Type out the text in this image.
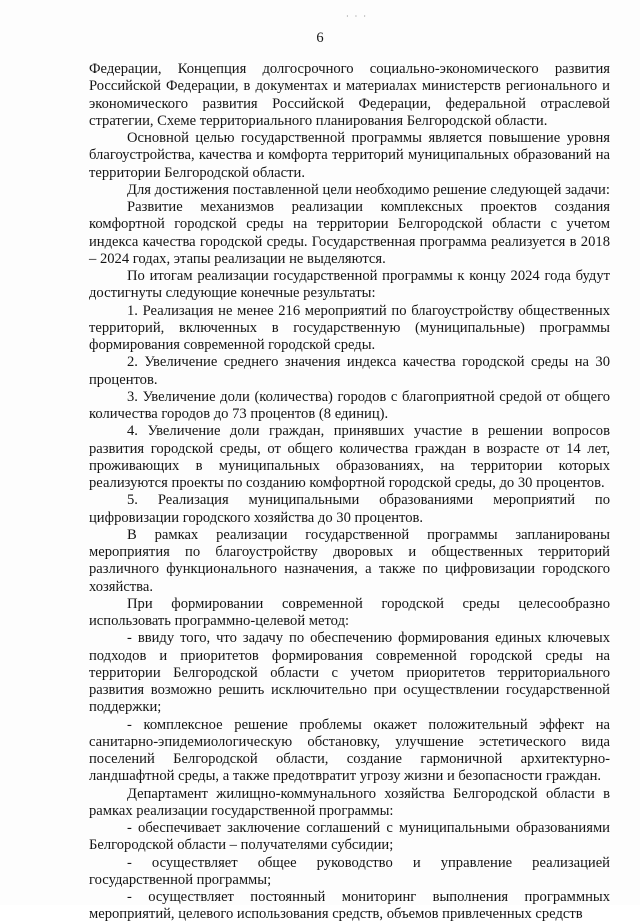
· · ·
6

Федерации, Концепция долгосрочного социально-экономического развития Российской Федерации, в документах и материалах министерств регионального и экономического развития Российской Федерации, федеральной отраслевой стратегии, Схеме территориального планирования Белгородской области.

Основной целью государственной программы является повышение уровня благоустройства, качества и комфорта территорий муниципальных образований на территории Белгородской области.

Для достижения поставленной цели необходимо решение следующей задачи:

Развитие механизмов реализации комплексных проектов создания комфортной городской среды на территории Белгородской области с учетом индекса качества городской среды. Государственная программа реализуется в 2018 – 2024 годах, этапы реализации не выделяются.

По итогам реализации государственной программы к концу 2024 года будут достигнуты следующие конечные результаты:

1. Реализация не менее 216 мероприятий по благоустройству общественных территорий, включенных в государственную (муниципальные) программы формирования современной городской среды.

2. Увеличение среднего значения индекса качества городской среды на 30 процентов.

3. Увеличение доли (количества) городов с благоприятной средой от общего количества городов до 73 процентов (8 единиц).

4. Увеличение доли граждан, принявших участие в решении вопросов развития городской среды, от общего количества граждан в возрасте от 14 лет, проживающих в муниципальных образованиях, на территории которых реализуются проекты по созданию комфортной городской среды, до 30 процентов.

5. Реализация муниципальными образованиями мероприятий по цифровизации городского хозяйства до 30 процентов.

В рамках реализации государственной программы запланированы мероприятия по благоустройству дворовых и общественных территорий различного функционального назначения, а также по цифровизации городского хозяйства.

При формировании современной городской среды целесообразно использовать программно-целевой метод:

- ввиду того, что задачу по обеспечению формирования единых ключевых подходов и приоритетов формирования современной городской среды на территории Белгородской области с учетом приоритетов территориального развития возможно решить исключительно при осуществлении государственной поддержки;

- комплексное решение проблемы окажет положительный эффект на санитарно-эпидемиологическую обстановку, улучшение эстетического вида поселений Белгородской области, создание гармоничной архитектурно-ландшафтной среды, а также предотвратит угрозу жизни и безопасности граждан.

Департамент жилищно-коммунального хозяйства Белгородской области в рамках реализации государственной программы:

- обеспечивает заключение соглашений с муниципальными образованиями Белгородской области – получателями субсидии;

- осуществляет общее руководство и управление реализацией государственной программы;

- осуществляет постоянный мониторинг выполнения программных мероприятий, целевого использования средств, объемов привлеченных средств
